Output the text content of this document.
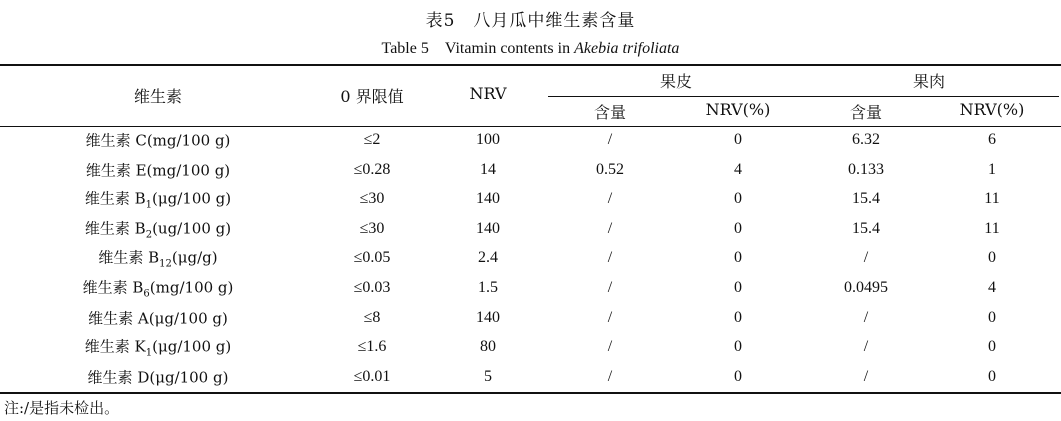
表5　八月瓜中维生素含量
Table 5　Vitamin contents in Akebia trifoliata
维生素	0 界限值	NRV
果皮	果肉
含量	NRV(%)	含量	NRV(%)
维生素 C(mg/100 g)	≤2	100	/	0	6.32	6
维生素 E(mg/100 g)	≤0.28	14	0.52	4	0.133	1
维生素 $B_1(\mu g/100$ g)	≤30	140	/	0	15.4	11
维生素 $B_2(ug/100$ g)	≤30	140	/	0	15.4	11
维生素 $B_{12}(\mu g/g)$	≤0.05	2.4	/	0	/	0
维生素 $B_6(mg/100$ g)	≤0.03	1.5	/	0	0.0495	4
维生素 A(μg/100 g)	≤8	140	/	0	/	0
维生素 $K_1(\mu g/100$ g)	≤1.6	80	/	0	/	0
维生素 D(μg/100 g)	≤0.01	5	/	0	/	0
注:/是指未检出。
